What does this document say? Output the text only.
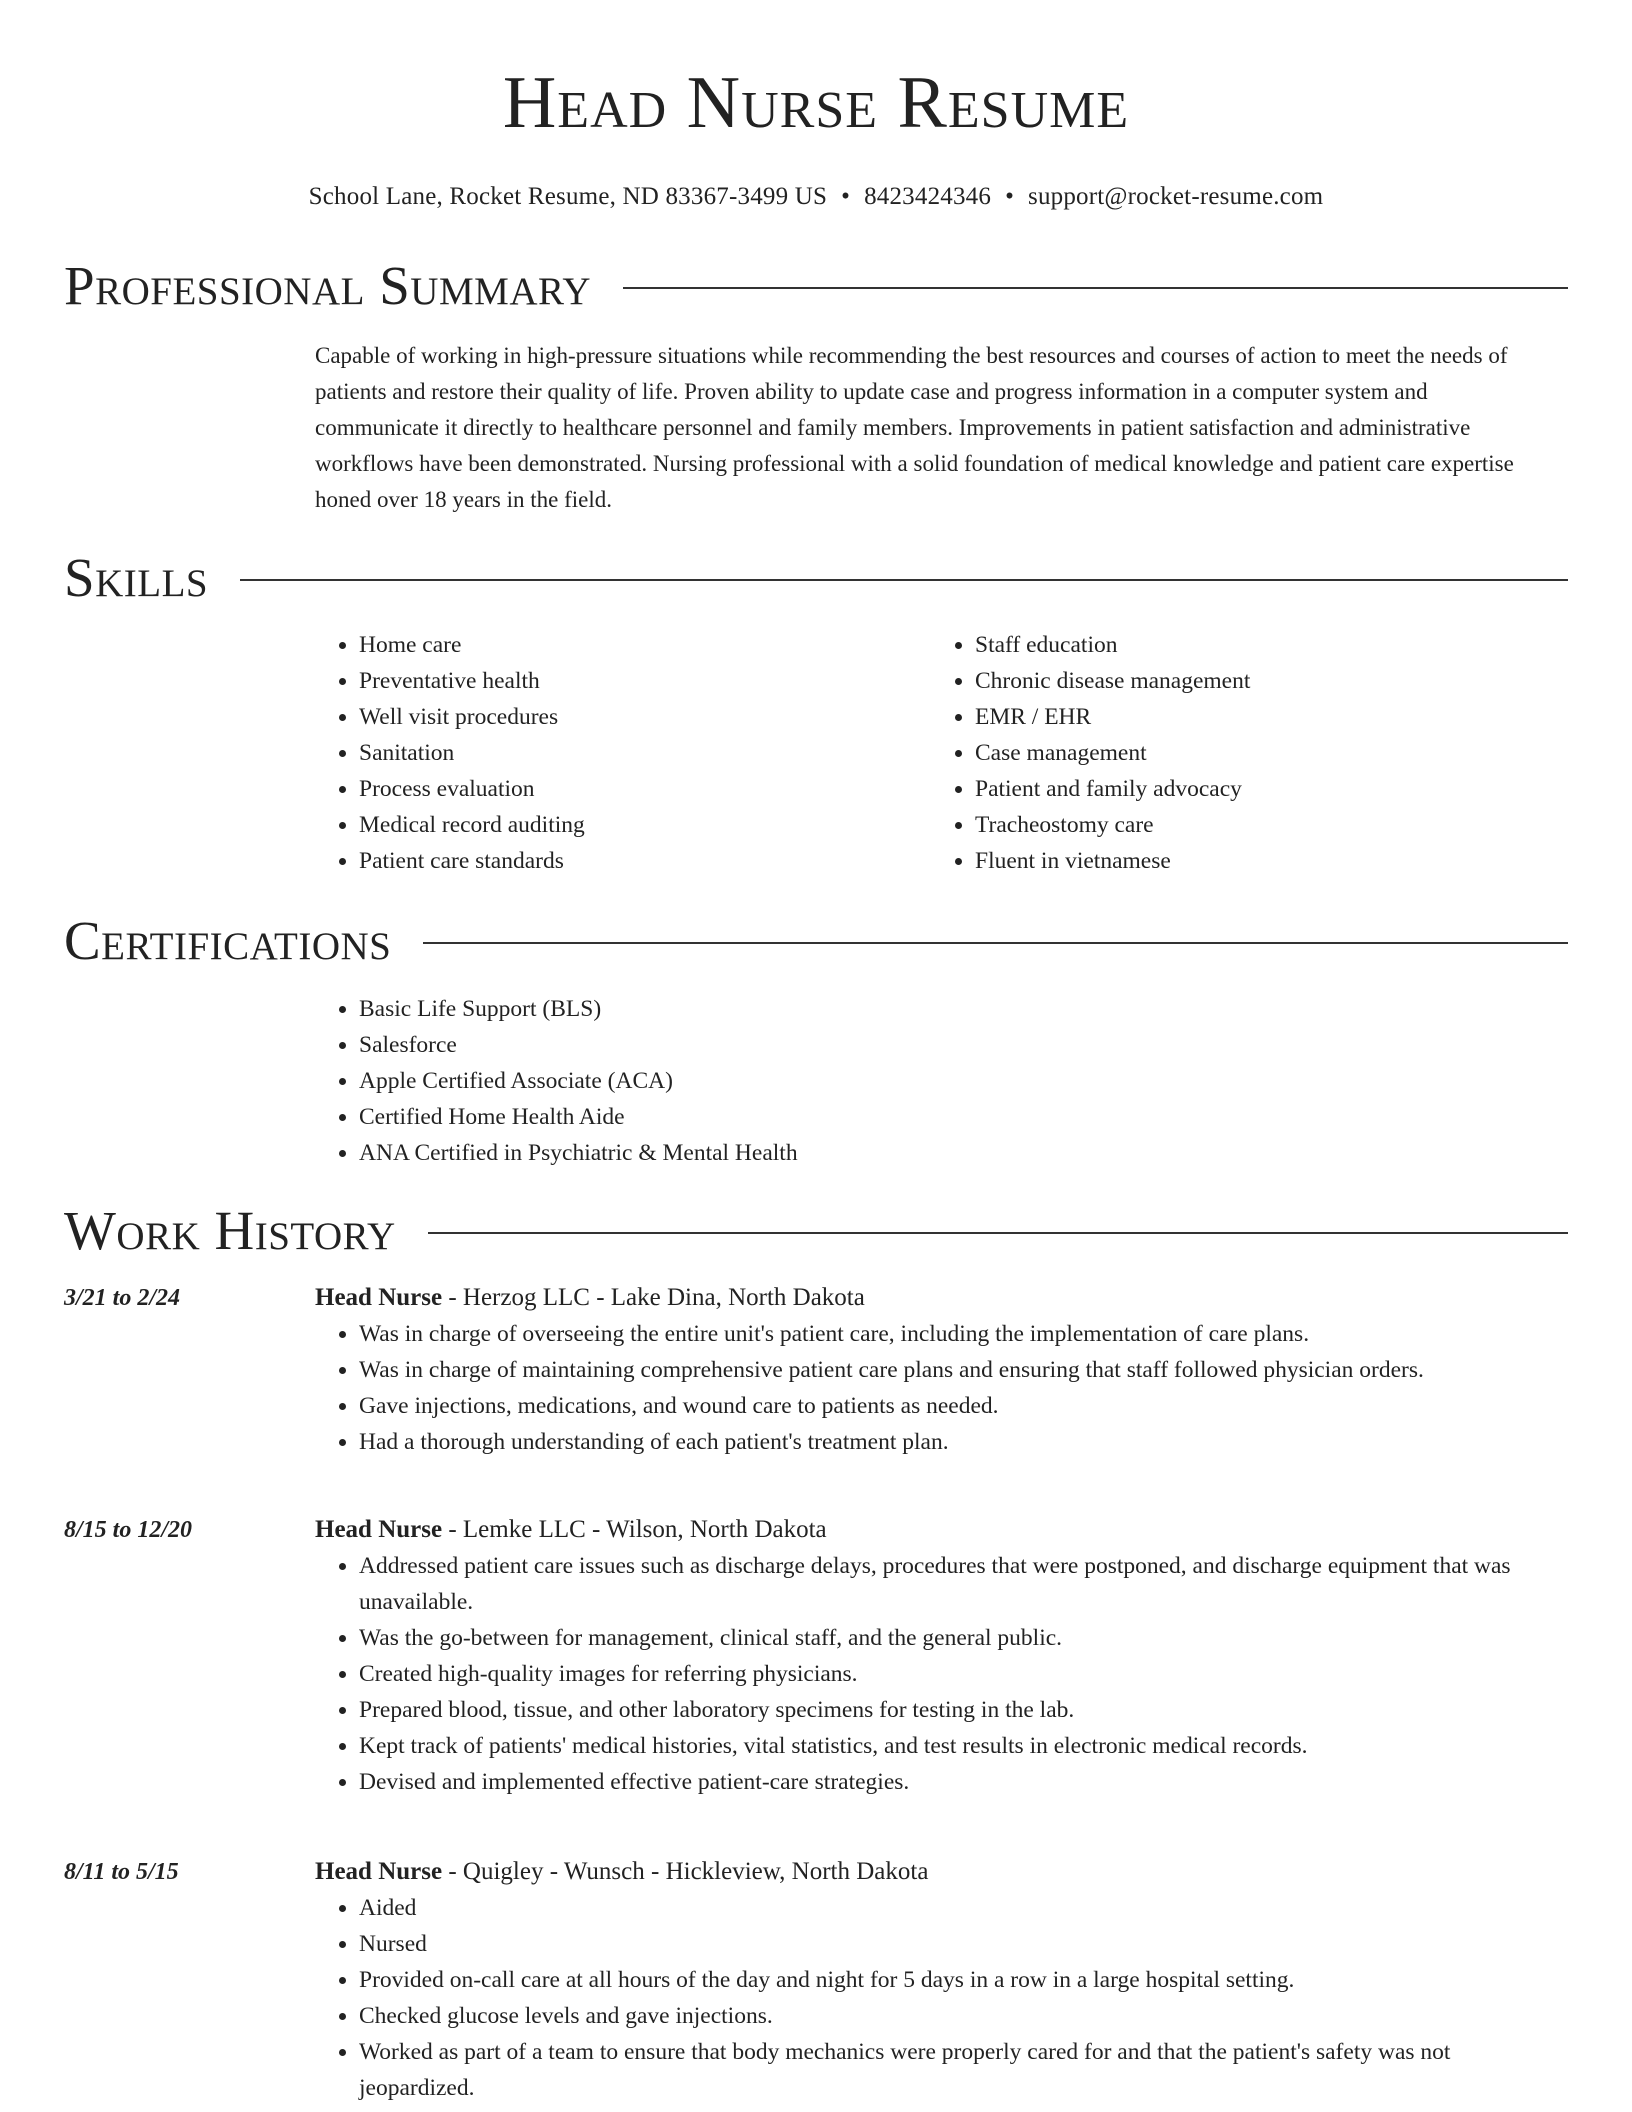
Head Nurse Resume
School Lane, Rocket Resume, ND 83367-3499 US • 8423424346 • support@rocket-resume.com
Professional Summary

Capable of working in high-pressure situations while recommending the best resources and courses of action to meet the needs of patients and restore their quality of life. Proven ability to update case and progress information in a computer system and communicate it directly to healthcare personnel and family members. Improvements in patient satisfaction and administrative workflows have been demonstrated. Nursing professional with a solid foundation of medical knowledge and patient care expertise honed over 18 years in the field.

Skills
• Home care
• Preventative health
• Well visit procedures
• Sanitation
• Process evaluation
• Medical record auditing
• Patient care standards
• Staff education
• Chronic disease management
• EMR / EHR
• Case management
• Patient and family advocacy
• Tracheostomy care
• Fluent in vietnamese
Certifications
• Basic Life Support (BLS)
• Salesforce
• Apple Certified Associate (ACA)
• Certified Home Health Aide
• ANA Certified in Psychiatric & Mental Health
Work History
3/21 to 2/24	Head Nurse - Herzog LLC - Lake Dina, North Dakota
• Was in charge of overseeing the entire unit's patient care, including the implementation of care plans.
• Was in charge of maintaining comprehensive patient care plans and ensuring that staff followed physician orders.
• Gave injections, medications, and wound care to patients as needed.
• Had a thorough understanding of each patient's treatment plan.
8/15 to 12/20	Head Nurse - Lemke LLC - Wilson, North Dakota
• Addressed patient care issues such as discharge delays, procedures that were postponed, and discharge equipment that was unavailable.
• Was the go-between for management, clinical staff, and the general public.
• Created high-quality images for referring physicians.
• Prepared blood, tissue, and other laboratory specimens for testing in the lab.
• Kept track of patients' medical histories, vital statistics, and test results in electronic medical records.
• Devised and implemented effective patient-care strategies.
8/11 to 5/15	Head Nurse - Quigley - Wunsch - Hickleview, North Dakota
• Aided
• Nursed
• Provided on-call care at all hours of the day and night for 5 days in a row in a large hospital setting.
• Checked glucose levels and gave injections.
• Worked as part of a team to ensure that body mechanics were properly cared for and that the patient's safety was not jeopardized.
